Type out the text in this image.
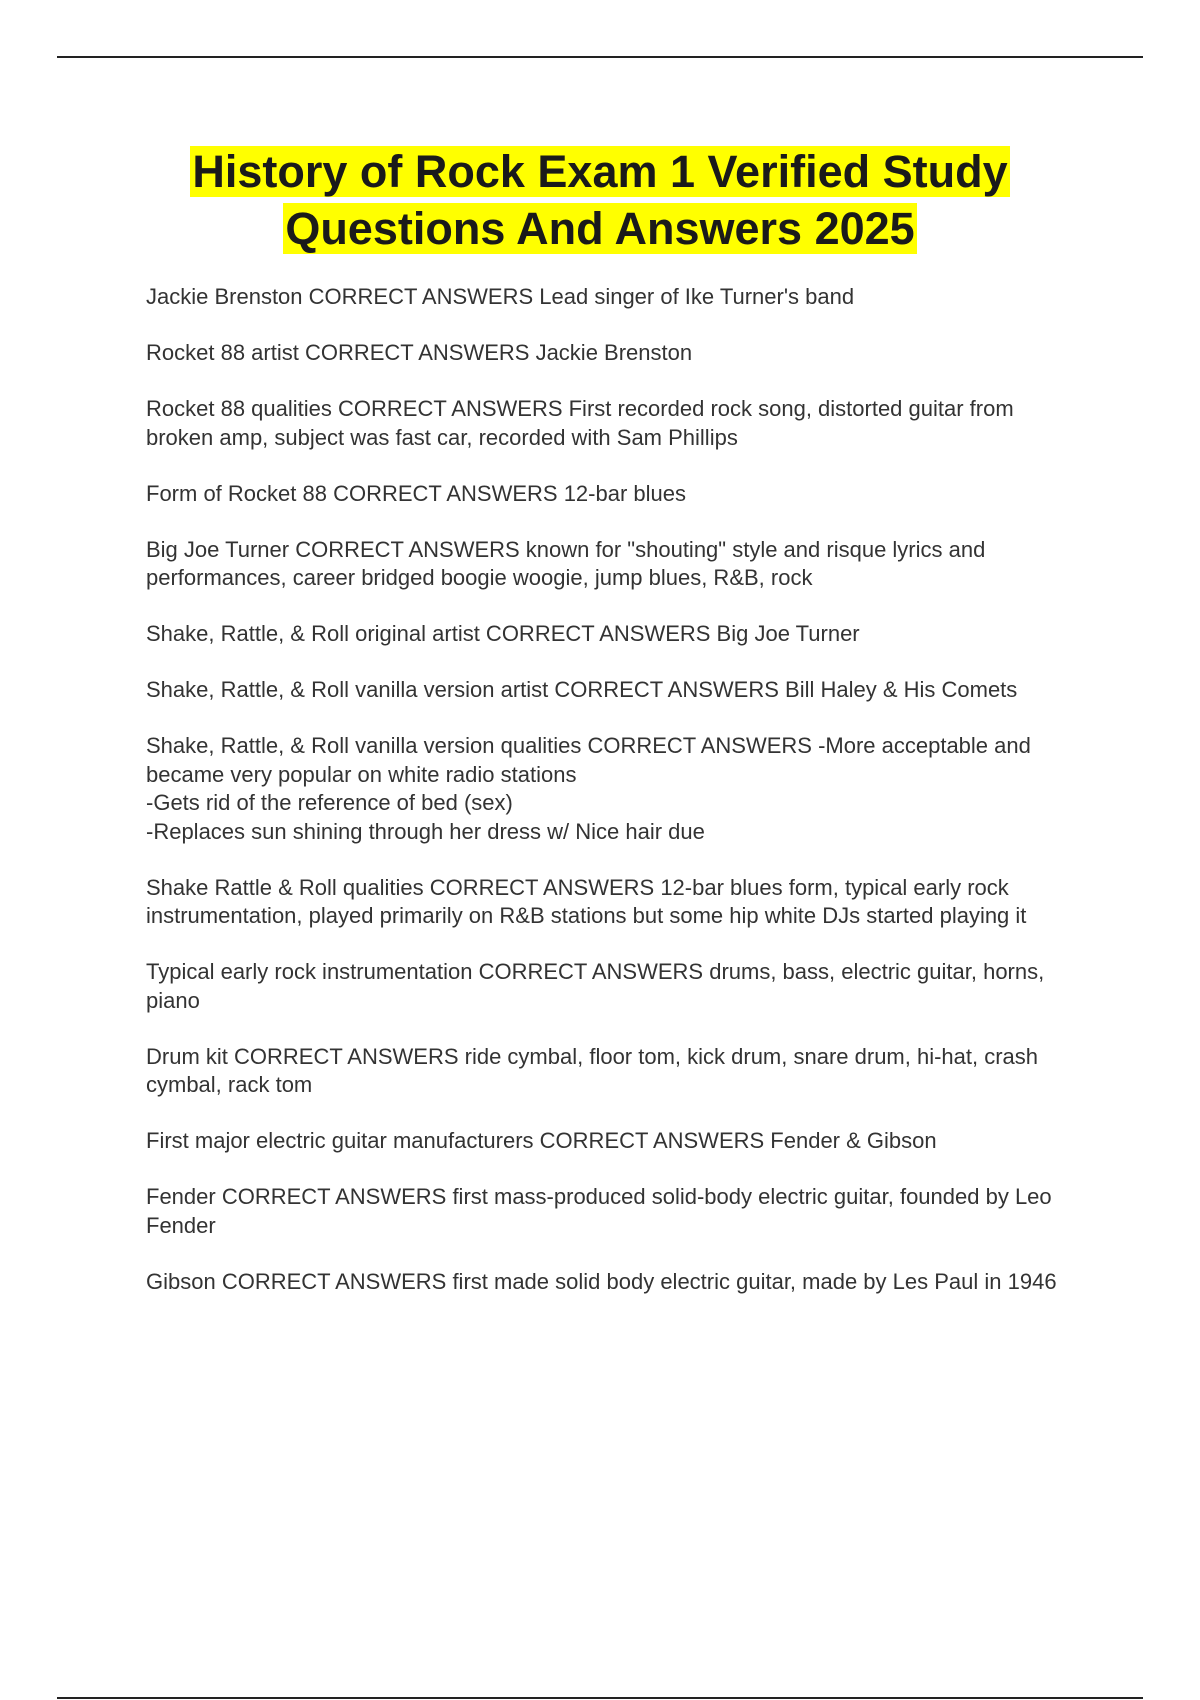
History of Rock Exam 1 Verified Study
Questions And Answers 2025
Jackie Brenston CORRECT ANSWERS Lead singer of Ike Turner's band
Rocket 88 artist CORRECT ANSWERS Jackie Brenston
Rocket 88 qualities CORRECT ANSWERS First recorded rock song, distorted guitar from broken amp, subject was fast car, recorded with Sam Phillips
Form of Rocket 88 CORRECT ANSWERS 12-bar blues
Big Joe Turner CORRECT ANSWERS known for "shouting" style and risque lyrics and performances, career bridged boogie woogie, jump blues, R&B, rock
Shake, Rattle, & Roll original artist CORRECT ANSWERS Big Joe Turner
Shake, Rattle, & Roll vanilla version artist CORRECT ANSWERS Bill Haley & His Comets
Shake, Rattle, & Roll vanilla version qualities CORRECT ANSWERS -More acceptable and became very popular on white radio stations
-Gets rid of the reference of bed (sex)
-Replaces sun shining through her dress w/ Nice hair due
Shake Rattle & Roll qualities CORRECT ANSWERS 12-bar blues form, typical early rock instrumentation, played primarily on R&B stations but some hip white DJs started playing it
Typical early rock instrumentation CORRECT ANSWERS drums, bass, electric guitar, horns, piano
Drum kit CORRECT ANSWERS ride cymbal, floor tom, kick drum, snare drum, hi-hat, crash cymbal, rack tom
First major electric guitar manufacturers CORRECT ANSWERS Fender & Gibson
Fender CORRECT ANSWERS first mass-produced solid-body electric guitar, founded by Leo Fender
Gibson CORRECT ANSWERS first made solid body electric guitar, made by Les Paul in 1946
